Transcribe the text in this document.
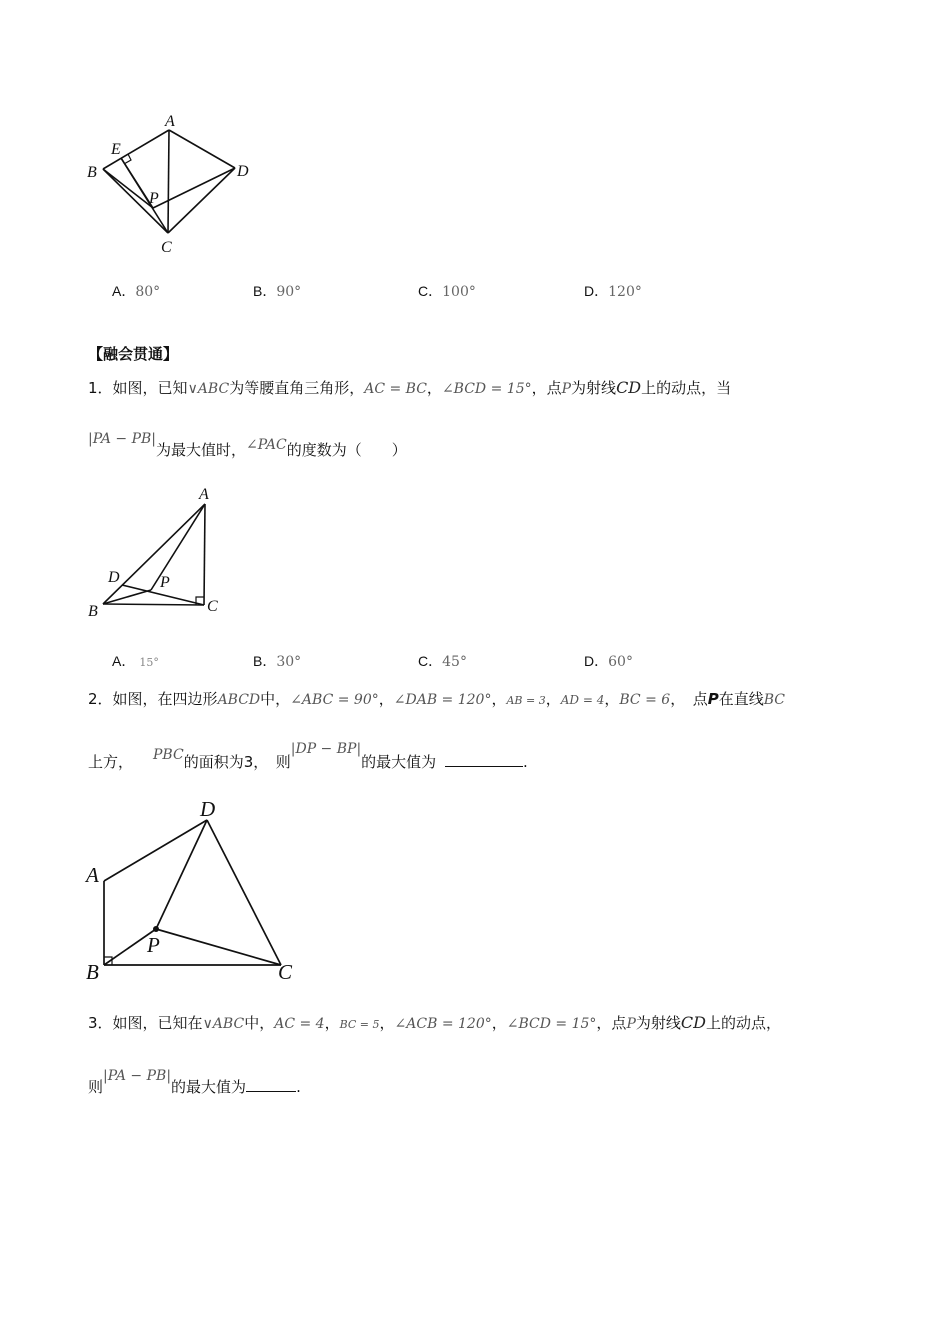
A
B
C
D
E
P
A．80°	B．90°	C．100°	D．120°
【融会贯通】
1．如图，已知∨ABC为等腰直角三角形，AC = BC，∠BCD = 15°，点P为射线CD上的动点，当
|PA − PB|为最大值时，∠PAC的度数为（　　）
A
B	C
D	P
A． 15°	B．30°	C．45°	D．60°
2．如图，在四边形ABCD中，∠ABC = 90°，∠DAB = 120°，AB = 3，AD = 4，BC = 6，　点P在直线BC
上方， PBC的面积为3，　则|DP − BP|的最大值为	.
A
B	C
D
P
3．如图，已知在∨ABC中，AC = 4，BC = 5，∠ACB = 120°，∠BCD = 15°，点P为射线CD上的动点，
则|PA − PB|的最大值为	.
